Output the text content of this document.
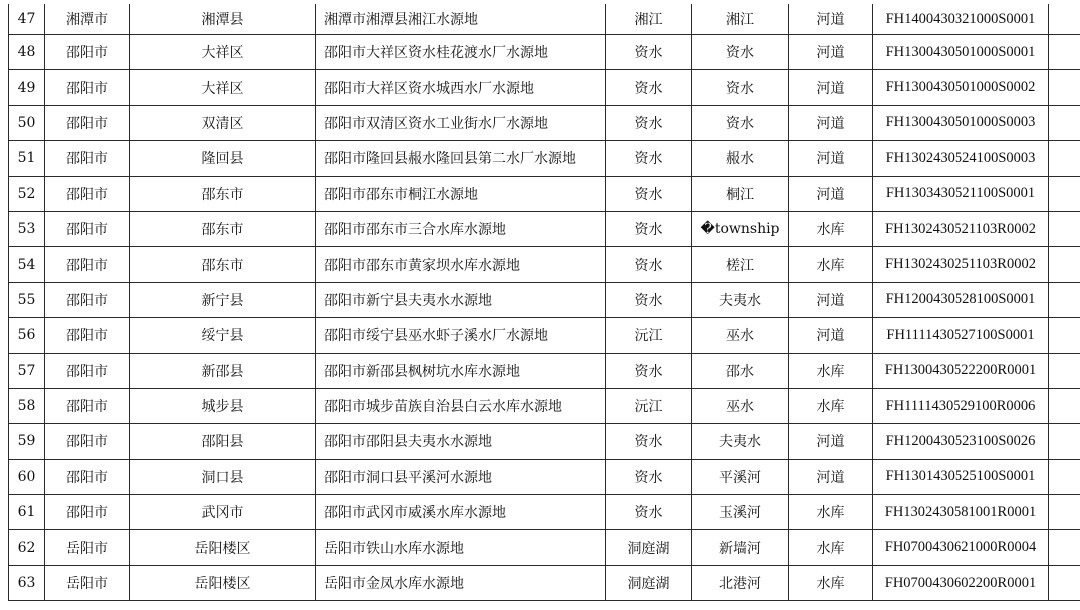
47	湘潭市	湘潭县	湘潭市湘潭县湘江水源地	湘江	湘江	河道	FH1400430321000S0001	
48	邵阳市	大祥区	邵阳市大祥区资水桂花渡水厂水源地	资水	资水	河道	FH1300430501000S0001	
49	邵阳市	大祥区	邵阳市大祥区资水城西水厂水源地	资水	资水	河道	FH1300430501000S0002	
50	邵阳市	双清区	邵阳市双清区资水工业街水厂水源地	资水	资水	河道	FH1300430501000S0003	
51	邵阳市	隆回县	邵阳市隆回县赧水隆回县第二水厂水源地	资水	赧水	河道	FH1302430524100S0003	
52	邵阳市	邵东市	邵阳市邵东市桐江水源地	资水	桐江	河道	FH1303430521100S0001	
53	邵阳市	邵东市	邵阳市邵东市三合水库水源地	资水	�township	水库	FH1302430521103R0002	
54	邵阳市	邵东市	邵阳市邵东市黄家坝水库水源地	资水	槎江	水库	FH1302430251103R0002	
55	邵阳市	新宁县	邵阳市新宁县夫夷水水源地	资水	夫夷水	河道	FH1200430528100S0001	
56	邵阳市	绥宁县	邵阳市绥宁县巫水虾子溪水厂水源地	沅江	巫水	河道	FH1111430527100S0001	
57	邵阳市	新邵县	邵阳市新邵县枫树坑水库水源地	资水	邵水	水库	FH1300430522200R0001	
58	邵阳市	城步县	邵阳市城步苗族自治县白云水库水源地	沅江	巫水	水库	FH1111430529100R0006	
59	邵阳市	邵阳县	邵阳市邵阳县夫夷水水源地	资水	夫夷水	河道	FH1200430523100S0026	
60	邵阳市	洞口县	邵阳市洞口县平溪河水源地	资水	平溪河	河道	FH1301430525100S0001	
61	邵阳市	武冈市	邵阳市武冈市威溪水库水源地	资水	玉溪河	水库	FH1302430581001R0001	
62	岳阳市	岳阳楼区	岳阳市铁山水库水源地	洞庭湖	新墙河	水库	FH0700430621000R0004	
63	岳阳市	岳阳楼区	岳阳市金凤水库水源地	洞庭湖	北港河	水库	FH0700430602200R0001	
